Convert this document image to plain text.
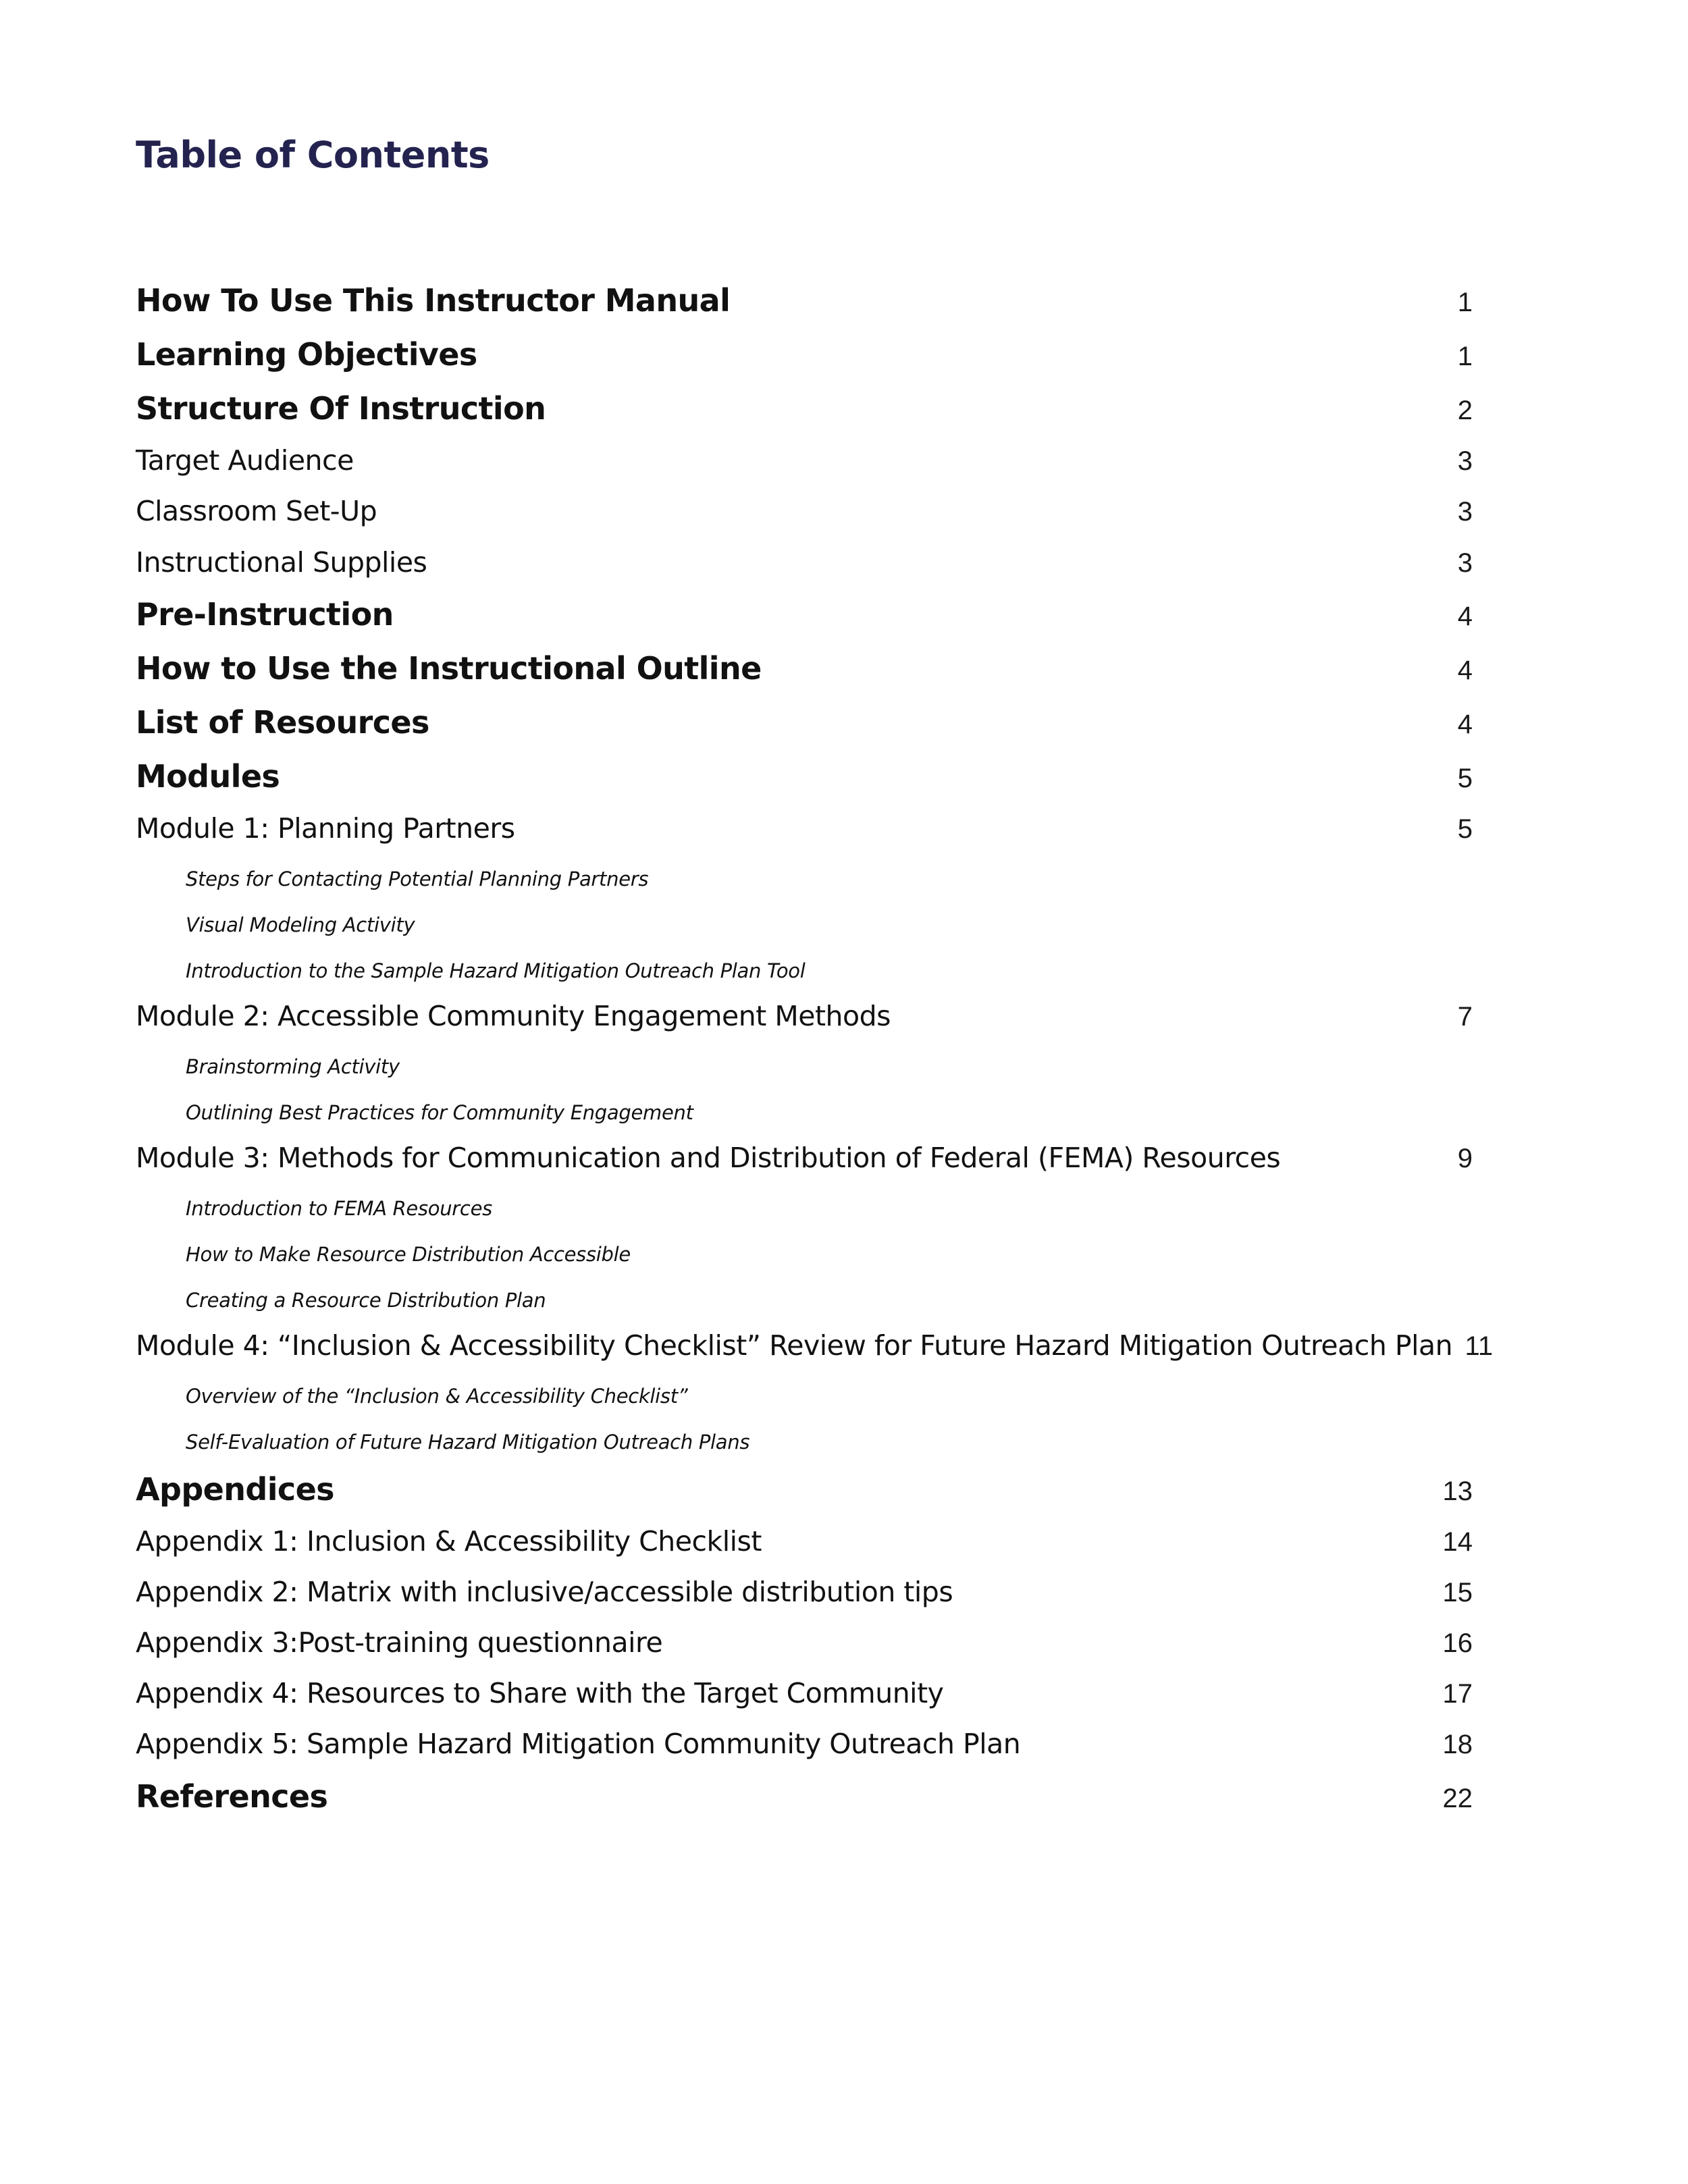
Table of Contents
How To Use This Instructor Manual	1
Learning Objectives	1
Structure Of Instruction	2
Target Audience	3
Classroom Set-Up	3
Instructional Supplies	3
Pre-Instruction	4
How to Use the Instructional Outline	4
List of Resources	4
Modules	5
Module 1: Planning Partners	5
Steps for Contacting Potential Planning Partners
Visual Modeling Activity
Introduction to the Sample Hazard Mitigation Outreach Plan Tool
Module 2: Accessible Community Engagement Methods	7
Brainstorming Activity
Outlining Best Practices for Community Engagement
Module 3: Methods for Communication and Distribution of Federal (FEMA) Resources	9
Introduction to FEMA Resources
How to Make Resource Distribution Accessible
Creating a Resource Distribution Plan
Module 4: “Inclusion & Accessibility Checklist” Review for Future Hazard Mitigation Outreach Plan 11
Overview of the “Inclusion & Accessibility Checklist”
Self-Evaluation of Future Hazard Mitigation Outreach Plans
Appendices	13
Appendix 1: Inclusion & Accessibility Checklist	14
Appendix 2: Matrix with inclusive/accessible distribution tips	15
Appendix 3:Post-training questionnaire	16
Appendix 4: Resources to Share with the Target Community	17
Appendix 5: Sample Hazard Mitigation Community Outreach Plan	18
References	22
